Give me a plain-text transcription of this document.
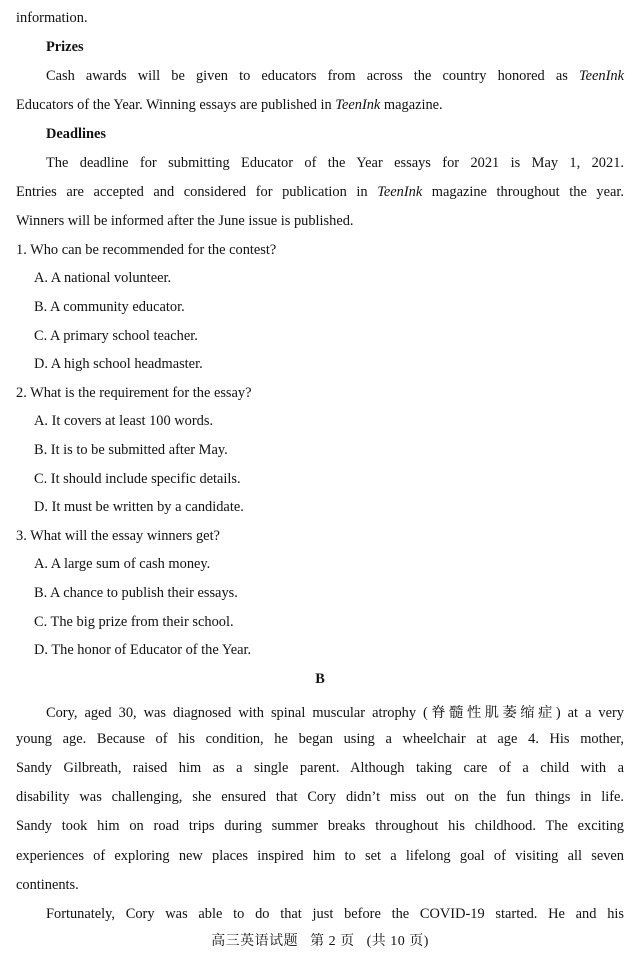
information.
Prizes
Cash awards will be given to educators from across the country honored as TeenInk
Educators of the Year. Winning essays are published in TeenInk magazine.
Deadlines
The deadline for submitting Educator of the Year essays for 2021 is May 1, 2021.
Entries are accepted and considered for publication in TeenInk magazine throughout the year.
Winners will be informed after the June issue is published.
1. Who can be recommended for the contest?
A. A national volunteer.
B. A community educator.
C. A primary school teacher.
D. A high school headmaster.
2. What is the requirement for the essay?
A. It covers at least 100 words.
B. It is to be submitted after May.
C. It should include specific details.
D. It must be written by a candidate.
3. What will the essay winners get?
A. A large sum of cash money.
B. A chance to publish their essays.
C. The big prize from their school.
D. The honor of Educator of the Year.
B
Cory, aged 30, was diagnosed with spinal muscular atrophy (脊髓性肌萎缩症) at a very
young age. Because of his condition, he began using a wheelchair at age 4. His mother,
Sandy Gilbreath, raised him as a single parent. Although taking care of a child with a
disability was challenging, she ensured that Cory didn’t miss out on the fun things in life.
Sandy took him on road trips during summer breaks throughout his childhood. The exciting
experiences of exploring new places inspired him to set a lifelong goal of visiting all seven
continents.
Fortunately, Cory was able to do that just before the COVID-19 started. He and his
高三英语试题 第 2 页 (共 10 页)
